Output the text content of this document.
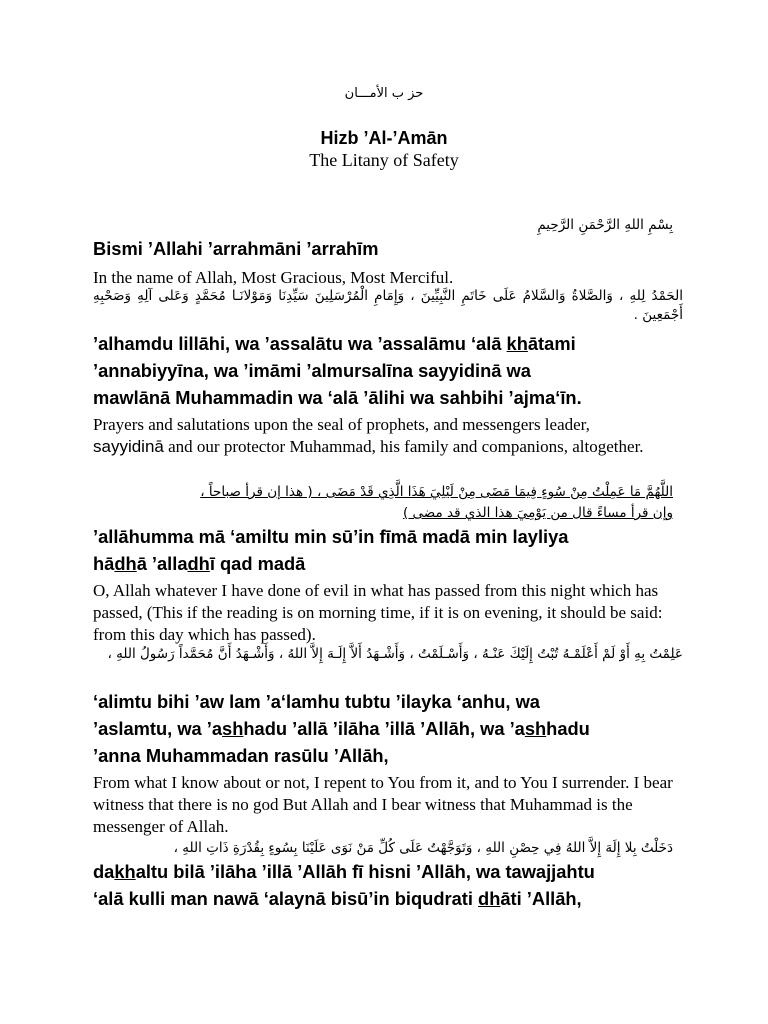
ﺣﺰ ﺏ ﺍﻷﻣـــﺎﻥ
Hizb ’Al-’Amān
The Litany of Safety
بِسْمِ اللهِ الرَّحْمَنِ الرَّحِيمِ
Bismi ’Allahi ’arrahmāni ’arrahīm
In the name of Allah, Most Gracious, Most Merciful.
الحَمْدُ لِلهِ ، وَالصَّلاةُ وَالسَّلامُ عَلَى خَاتَمِ النَّبِيِّينَ ، وَإِمَامِ الْمُرْسَلِينَ سَيِّدِنَا وَمَوْلانَـا مُحَمَّدٍ وَعَلى آلِهِ وَصَحْبِهِ أَجْمَعِينَ .
’alhamdu lillāhi, wa ’assalātu wa ’assalāmu ‘alā khātami
’annabiyyīna, wa ’imāmi ’almursalīna sayyidinā wa
mawlānā Muhammadin wa ‘alā ’ālihi wa sahbihi ’ajma‘īn.
Prayers and salutations upon the seal of prophets, and messengers leader, sayyidinā and our protector Muhammad, his family and companions, altogether.
اللَّهُمَّ مَا عَمِلْتُ مِنْ سُوءٍ فِيمَا مَضَى مِنْ لَيْلِيَ هَذَا الَّذِي قَدْ مَضَى ، ( هذا إن قرأ صباحاً ،
وإن قرأ مساءً قال من يَوْمِيَ هذا الذي قد مضى )
’allāhumma mā ‘amiltu min sū’in fīmā madā min layliya
hādhā ’alladhī qad madā
O, Allah whatever I have done of evil in what has passed from this night which has passed, (This if the reading is on morning time, if it is on evening, it should be said: from this day which has passed).
عَلِمْتُ بِهِ أَوْ لَمْ أَعْلَمْـهُ تُبْتُ إِلَيْكَ عَنْـهُ ، وَأَسْـلَمْتُ ، وَأَشْـهَدُ أَلاَّ إِلَـهَ إِلاَّ اللهُ ، وَأَشْـهَدُ أَنَّ مُحَمَّداً رَسُولُ اللهِ ،
‘alimtu bihi ’aw lam ’a‘lamhu tubtu ’ilayka ‘anhu, wa
’aslamtu, wa ’ashhadu ’allā ’ilāha ’illā ’Allāh, wa ’ashhadu
’anna Muhammadan rasūlu ’Allāh,
From what I know about or not, I repent to You from it, and to You I surrender. I bear witness that there is no god But Allah and I bear witness that Muhammad is the messenger of Allah.
دَخَلْتُ بِلا إِلَهَ إِلاَّ اللهُ فِي حِصْنِ اللهِ ، وَتَوَجَّهْتُ عَلَى كُلِّ مَنْ نَوَى عَلَيْنَا بِسُوءٍ بِقُدْرَةِ ذَاتِ اللهِ ،
dakhaltu bilā ’ilāha ’illā ’Allāh fī hisni ’Allāh, wa tawajjahtu
‘alā kulli man nawā ‘alaynā bisū’in biqudrati dhāti ’Allāh,
